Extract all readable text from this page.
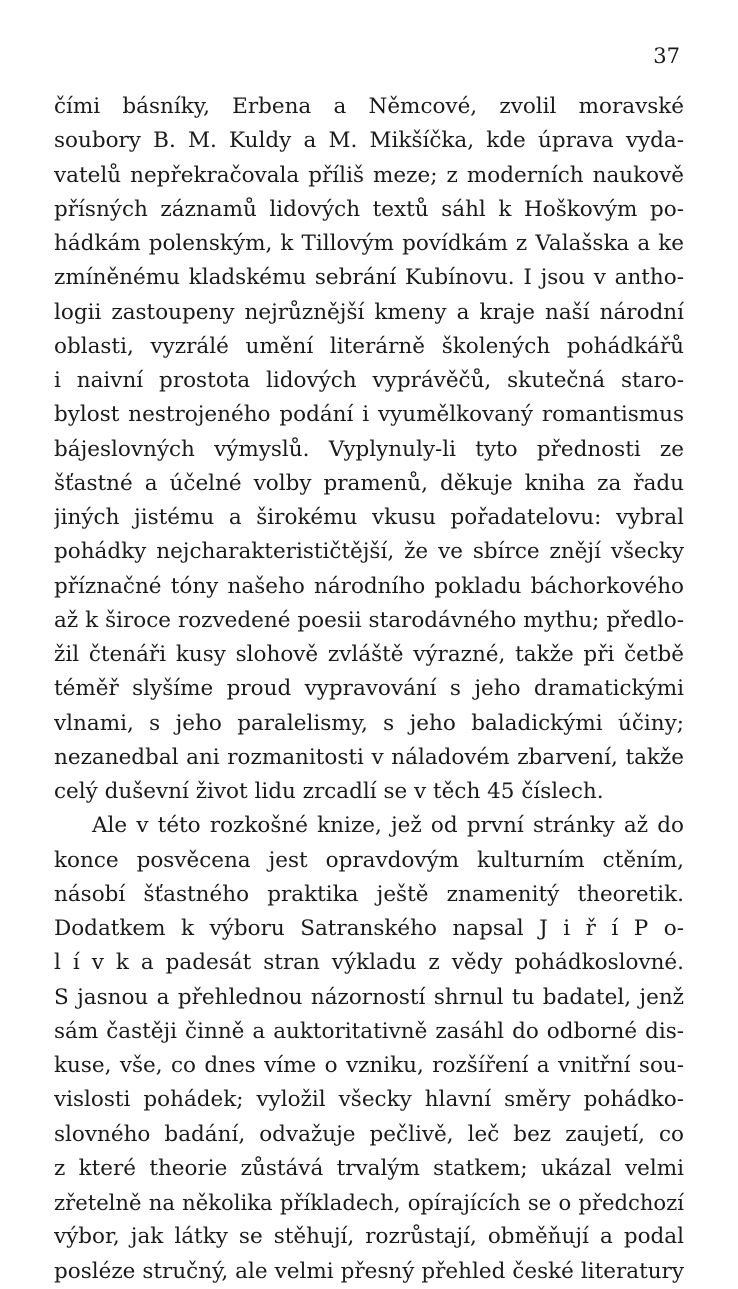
37
čími básníky, Erbena a Němcové, zvolil moravské
soubory B. M. Kuldy a M. Mikšíčka, kde úprava vyda-
vatelů nepřekračovala příliš meze; z moderních naukově
přísných záznamů lidových textů sáhl k Hoškovým po-
hádkám polenským, k Tillovým povídkám z Valašska a ke
zmíněnému kladskému sebrání Kubínovu. I jsou v antho-
logii zastoupeny nejrůznější kmeny a kraje naší národní
oblasti, vyzrálé umění literárně školených pohádkářů
i naivní prostota lidových vyprávěčů, skutečná staro-
bylost nestrojeného podání i vyumělkovaný romantismus
bájeslovných výmyslů. Vyplynuly-li tyto přednosti ze
šťastné a účelné volby pramenů, děkuje kniha za řadu
jiných jistému a širokému vkusu pořadatelovu: vybral
pohádky nejcharakterističtější, že ve sbírce znějí všecky
příznačné tóny našeho národního pokladu báchorkového
až k široce rozvedené poesii starodávného mythu; předlo-
žil čtenáři kusy slohově zvláště výrazné, takže při četbě
téměř slyšíme proud vypravování s jeho dramatickými
vlnami, s jeho paralelismy, s jeho baladickými účiny;
nezanedbal ani rozmanitosti v náladovém zbarvení, takže
celý duševní život lidu zrcadlí se v těch 45 číslech.
Ale v této rozkošné knize, jež od první stránky až do
konce posvěcena jest opravdovým kulturním ctěním,
násobí šťastného praktika ještě znamenitý theoretik.
Dodatkem k výboru Satranského napsal J i ř í P o-
l í v k a padesát stran výkladu z vědy pohádkoslovné.
S jasnou a přehlednou názorností shrnul tu badatel, jenž
sám častěji činně a auktoritativně zasáhl do odborné dis-
kuse, vše, co dnes víme o vzniku, rozšíření a vnitřní sou-
vislosti pohádek; vyložil všecky hlavní směry pohádko-
slovného badání, odvažuje pečlivě, leč bez zaujetí, co
z které theorie zůstává trvalým statkem; ukázal velmi
zřetelně na několika příkladech, opírajících se o předchozí
výbor, jak látky se stěhují, rozrůstají, obměňují a podal
posléze stručný, ale velmi přesný přehled české literatury
